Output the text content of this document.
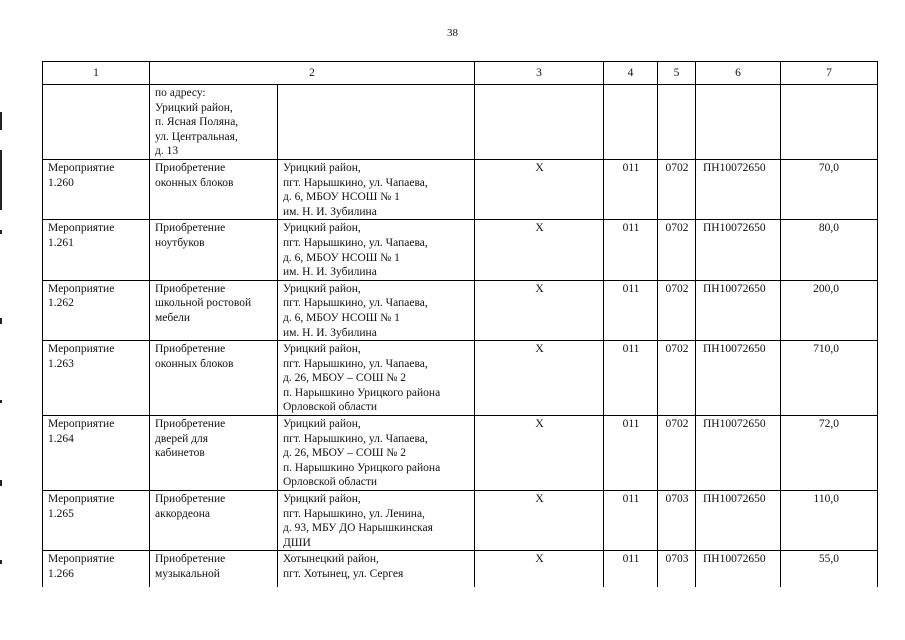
38
1	2		3	4	5	6	7

	по адресу:
Урицкий район,
п. Ясная Поляна,
ул. Центральная,
д. 13						

Мероприятие
1.260	Приобретение
оконных блоков	Урицкий район,
пгт. Нарышкино, ул. Чапаева,
д. 6, МБОУ НСОШ № 1
им. Н. И. Зубилина	Х	011	0702	ПН10072650	70,0

Мероприятие
1.261	Приобретение
ноутбуков	Урицкий район,
пгт. Нарышкино, ул. Чапаева,
д. 6, МБОУ НСОШ № 1
им. Н. И. Зубилина	Х	011	0702	ПН10072650	80,0

Мероприятие
1.262	Приобретение
школьной ростовой
мебели	Урицкий район,
пгт. Нарышкино, ул. Чапаева,
д. 6, МБОУ НСОШ № 1
им. Н. И. Зубилина	Х	011	0702	ПН10072650	200,0

Мероприятие
1.263	Приобретение
оконных блоков	Урицкий район,
пгт. Нарышкино, ул. Чапаева,
д. 26, МБОУ – СОШ № 2
п. Нарышкино Урицкого района
Орловской области	Х	011	0702	ПН10072650	710,0

Мероприятие
1.264	Приобретение
дверей для
кабинетов	Урицкий район,
пгт. Нарышкино, ул. Чапаева,
д. 26, МБОУ – СОШ № 2
п. Нарышкино Урицкого района
Орловской области	Х	011	0702	ПН10072650	72,0

Мероприятие
1.265	Приобретение
аккордеона	Урицкий район,
пгт. Нарышкино, ул. Ленина,
д. 93, МБУ ДО Нарышкинская
ДШИ	Х	011	0703	ПН10072650	110,0

Мероприятие
1.266	Приобретение
музыкальной	Хотынецкий район,
пгт. Хотынец, ул. Сергея	Х	011	0703	ПН10072650	55,0
